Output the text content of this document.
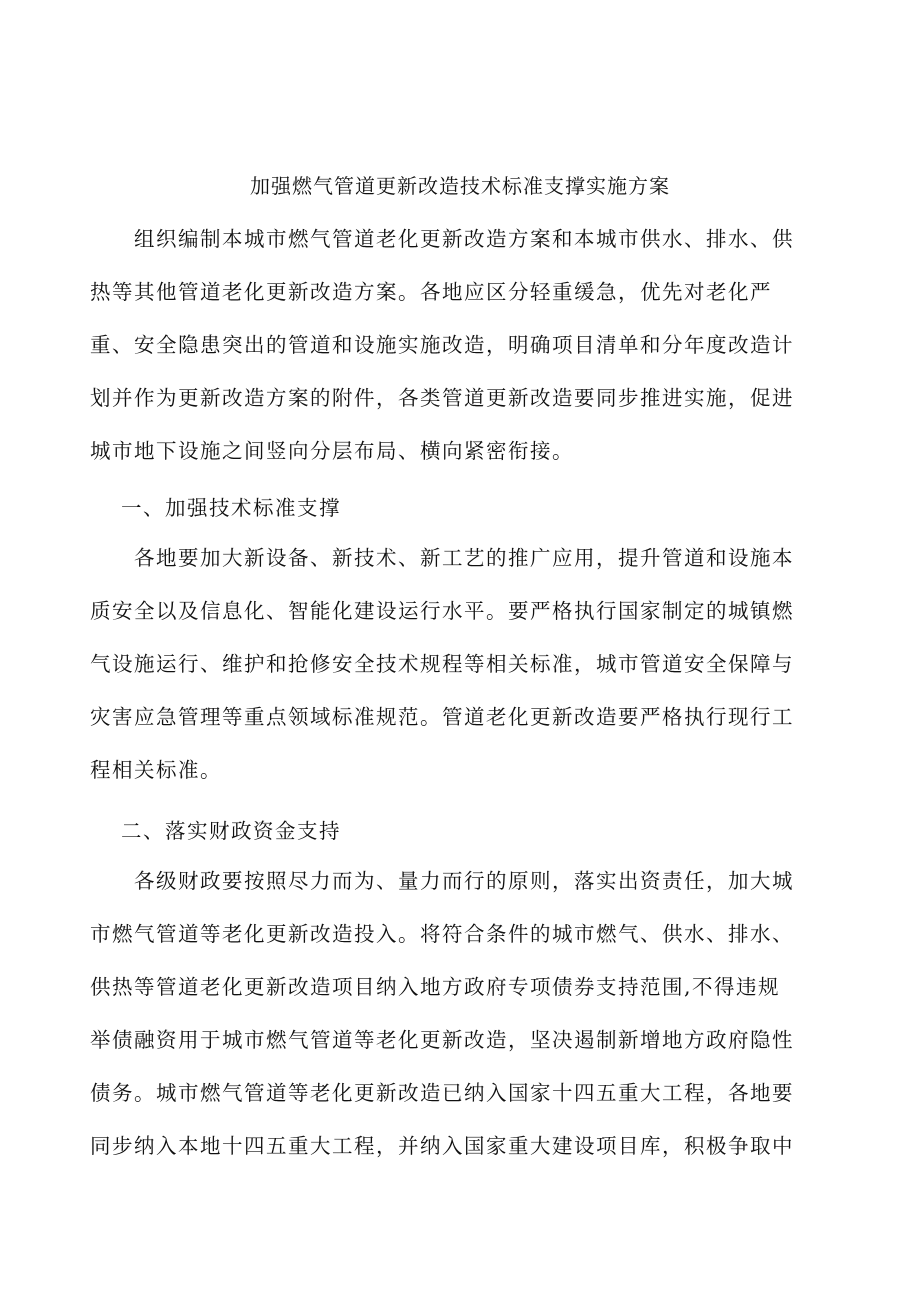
加强燃气管道更新改造技术标准支撑实施方案
　　组织编制本城市燃气管道老化更新改造方案和本城市供水、排水、供
热等其他管道老化更新改造方案。各地应区分轻重缓急，优先对老化严
重、安全隐患突出的管道和设施实施改造，明确项目清单和分年度改造计
划并作为更新改造方案的附件，各类管道更新改造要同步推进实施，促进
城市地下设施之间竖向分层布局、横向紧密衔接。
一、加强技术标准支撑
　　各地要加大新设备、新技术、新工艺的推广应用，提升管道和设施本
质安全以及信息化、智能化建设运行水平。要严格执行国家制定的城镇燃
气设施运行、维护和抢修安全技术规程等相关标准，城市管道安全保障与
灾害应急管理等重点领域标准规范。管道老化更新改造要严格执行现行工
程相关标准。
二、落实财政资金支持
　　各级财政要按照尽力而为、量力而行的原则，落实出资责任，加大城
市燃气管道等老化更新改造投入。将符合条件的城市燃气、供水、排水、
供热等管道老化更新改造项目纳入地方政府专项债券支持范围,不得违规
举债融资用于城市燃气管道等老化更新改造，坚决遏制新增地方政府隐性
债务。城市燃气管道等老化更新改造已纳入国家十四五重大工程，各地要
同步纳入本地十四五重大工程，并纳入国家重大建设项目库，积极争取中
